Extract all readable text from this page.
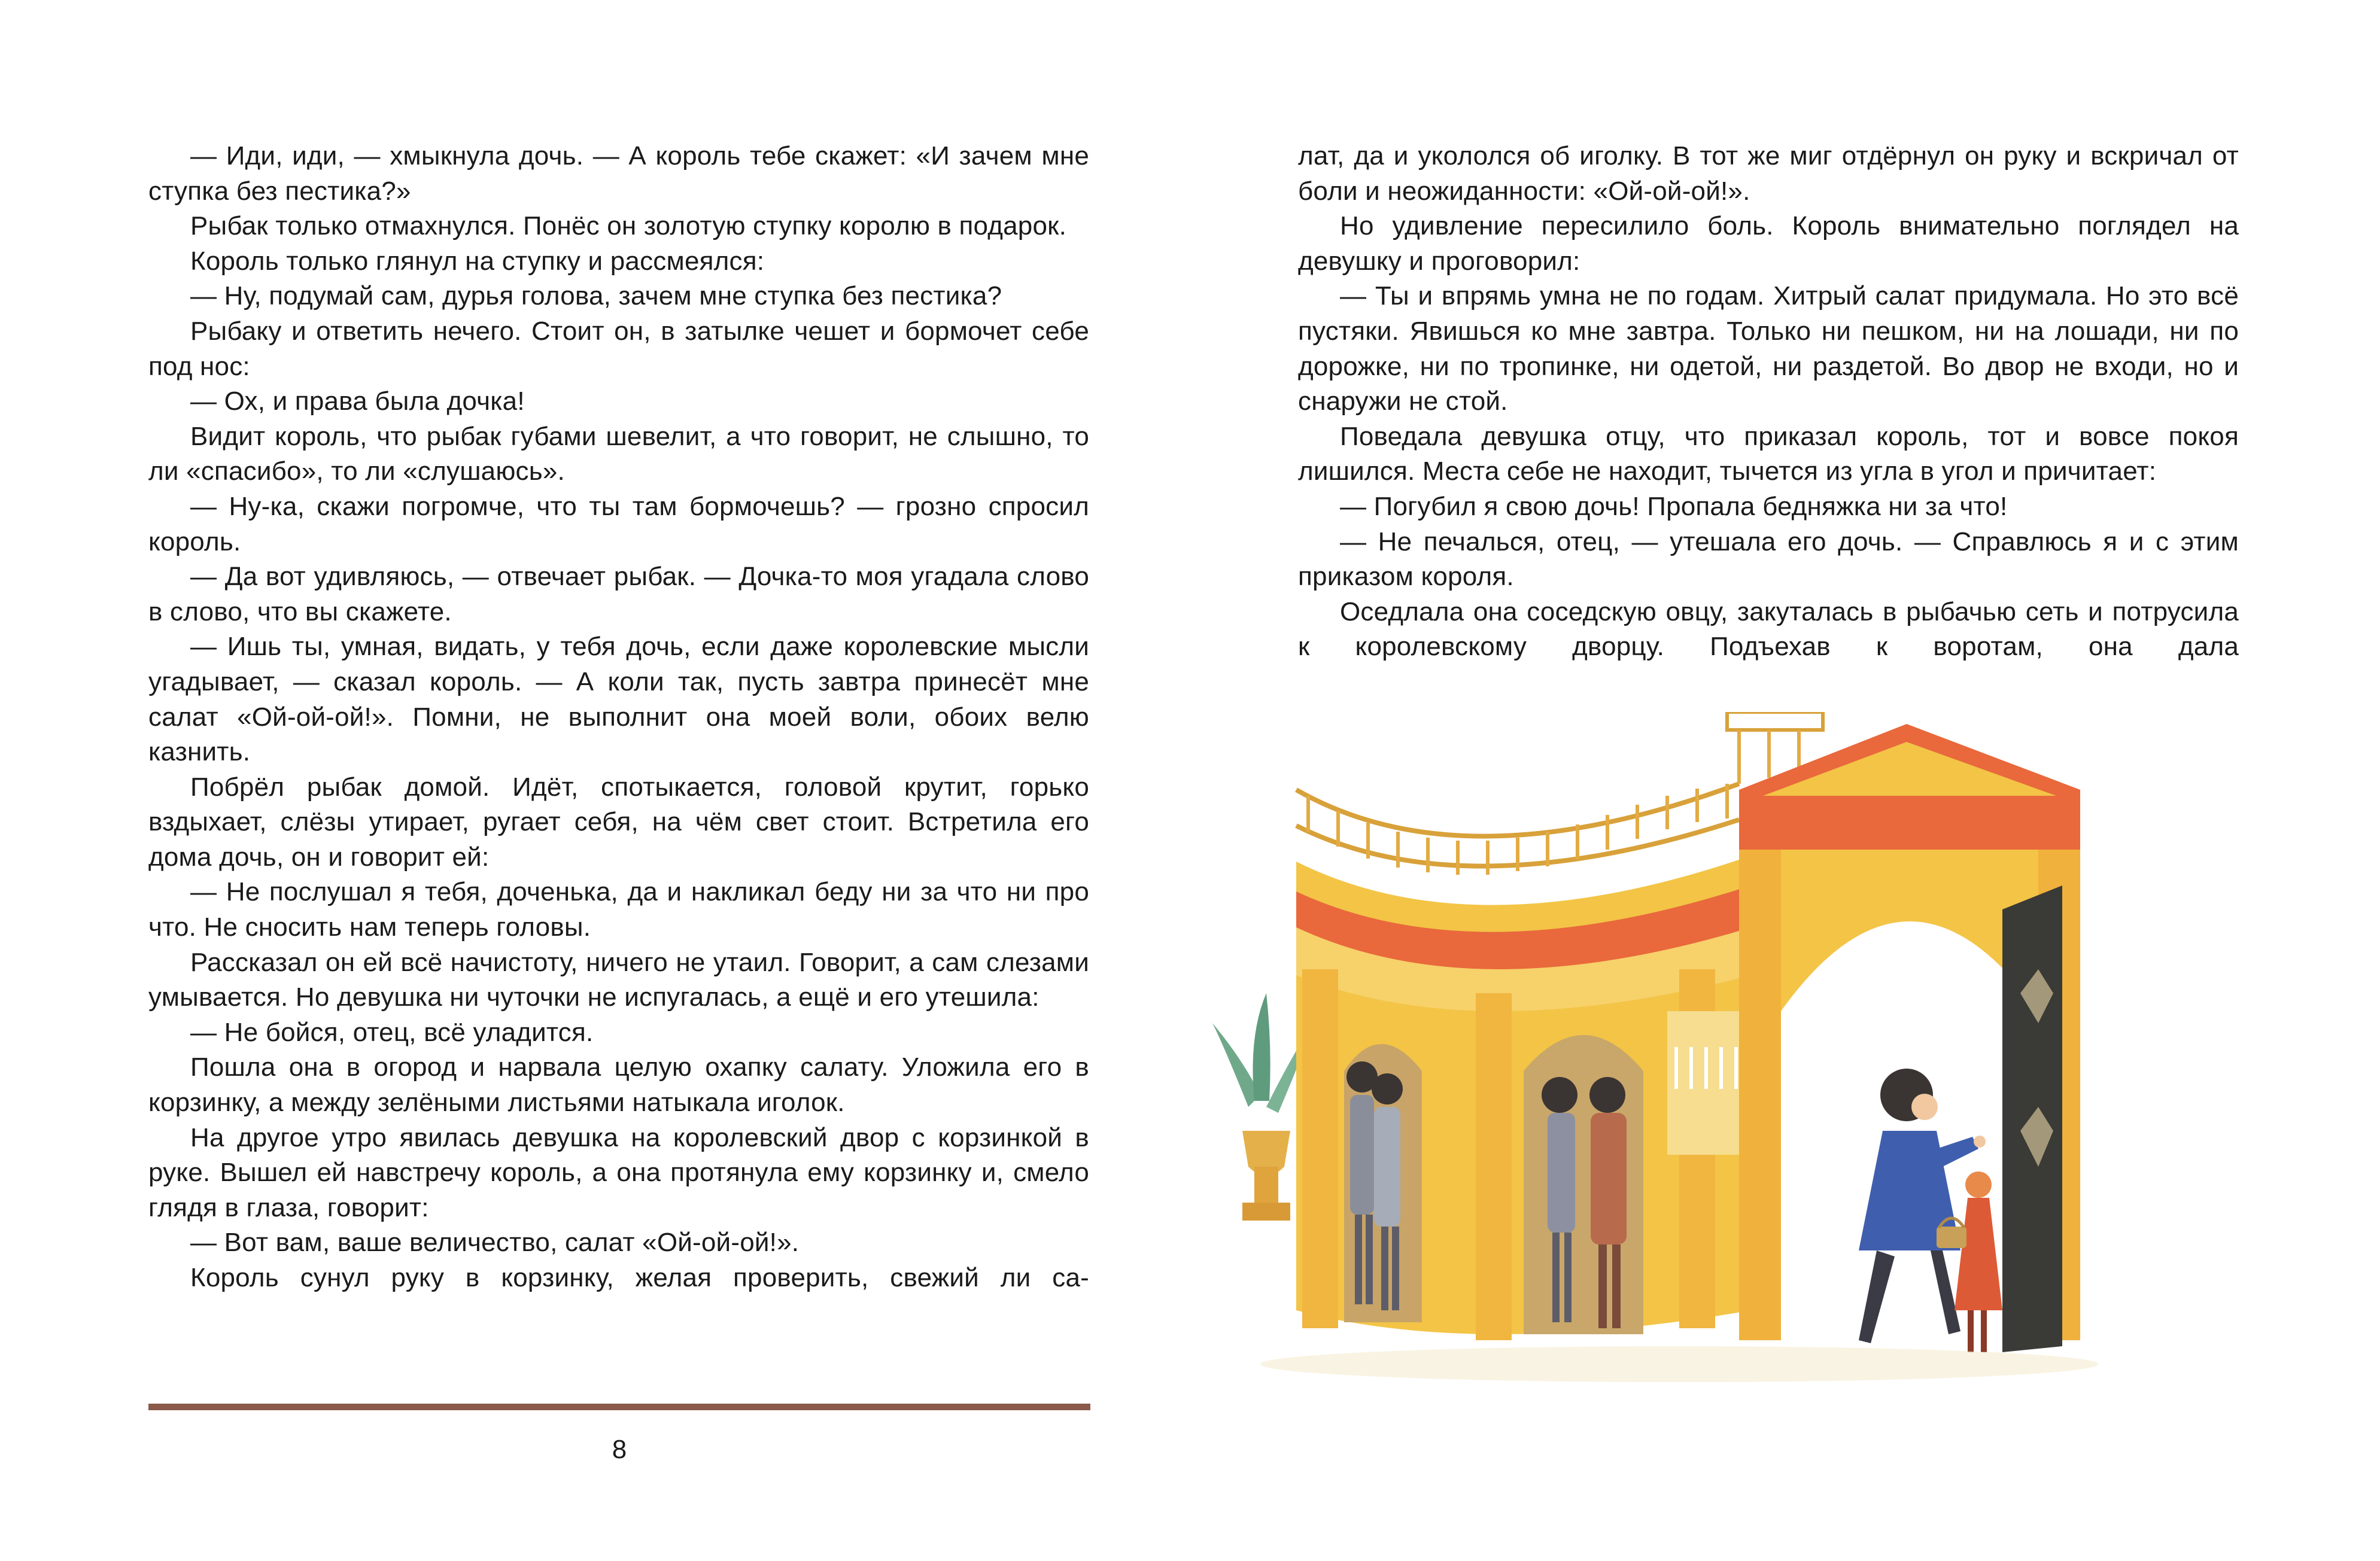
— Иди, иди, — хмыкнула дочь. — А король тебе скажет: «И зачем мне ступка без пестика?»

Рыбак только отмахнулся. Понёс он золотую ступку королю в подарок.

Король только глянул на ступку и рассмеялся:

— Ну, подумай сам, дурья голова, зачем мне ступка без пестика?

Рыбаку и ответить нечего. Стоит он, в затылке чешет и бормочет себе под нос:

— Ох, и права была дочка!

Видит король, что рыбак губами шевелит, а что говорит, не слышно, то ли «спасибо», то ли «слушаюсь».

— Ну-ка, скажи погромче, что ты там бормочешь? — грозно спросил король.

— Да вот удивляюсь, — отвечает рыбак. — Дочка-то моя угадала слово в слово, что вы скажете.

— Ишь ты, умная, видать, у тебя дочь, если даже королевские мысли угадывает, — сказал король. — А коли так, пусть завтра принесёт мне салат «Ой-ой-ой!». Помни, не выполнит она моей воли, обоих велю казнить.

Побрёл рыбак домой. Идёт, спотыкается, головой крутит, горько вздыхает, слёзы утирает, ругает себя, на чём свет стоит. Встретила его дома дочь, он и говорит ей:

— Не послушал я тебя, доченька, да и накликал беду ни за что ни про что. Не сносить нам теперь головы.

Рассказал он ей всё начистоту, ничего не утаил. Говорит, а сам слезами умывается. Но девушка ни чуточки не испугалась, а ещё и его утешила:

— Не бойся, отец, всё уладится.

Пошла она в огород и нарвала целую охапку салату. Уложила его в корзинку, а между зелёными листьями натыкала иголок.

На другое утро явилась девушка на королевский двор с корзинкой в руке. Вышел ей навстречу король, а она протянула ему корзинку и, смело глядя в глаза, говорит:

— Вот вам, ваше величество, салат «Ой-ой-ой!».

Король сунул руку в корзинку, желая проверить, свежий ли са-

8

лат, да и укололся об иголку. В тот же миг отдёрнул он руку и вскричал от боли и неожиданности: «Ой-ой-ой!».

Но удивление пересилило боль. Король внимательно поглядел на девушку и проговорил:

— Ты и впрямь умна не по годам. Хитрый салат придумала. Но это всё пустяки. Явишься ко мне завтра. Только ни пешком, ни на лошади, ни по дорожке, ни по тропинке, ни одетой, ни раздетой. Во двор не входи, но и снаружи не стой.

Поведала девушка отцу, что приказал король, тот и вовсе покоя лишился. Места себе не находит, тычется из угла в угол и причитает:

— Погубил я свою дочь! Пропала бедняжка ни за что!

— Не печалься, отец, — утешала его дочь. — Справлюсь я и с этим приказом короля.

Оседлала она соседскую овцу, закуталась в рыбачью сеть и потрусила к королевскому дворцу. Подъехав к воротам, она дала
